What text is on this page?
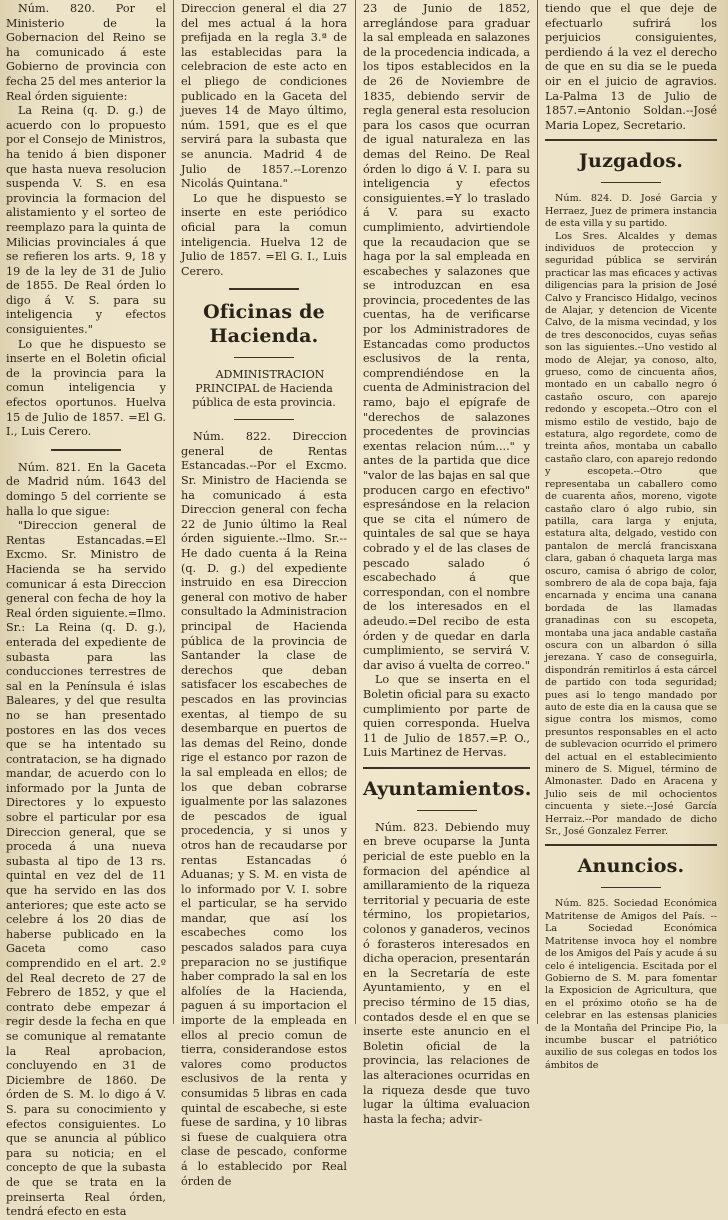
Núm. 820. Por el Ministerio de la Gobernacion del Reino se ha comunicado á este Gobierno de provincia con fecha 25 del mes anterior la Real órden siguiente:

La Reina (q. D. g.) de acuerdo con lo propuesto por el Consejo de Ministros, ha tenido á bien disponer que hasta nueva resolucion suspenda V. S. en esa provincia la formacion del alistamiento y el sorteo de reemplazo para la quinta de Milicias provinciales á que se refieren los arts. 9, 18 y 19 de la ley de 31 de Julio de 1855. De Real órden lo digo á V. S. para su inteligencia y efectos consiguientes."

Lo que he dispuesto se inserte en el Boletin oficial de la provincia para la comun inteligencia y efectos oportunos. Huelva 15 de Julio de 1857. =El G. I., Luis Cerero.

Núm. 821. En la Gaceta de Madrid núm. 1643 del domingo 5 del corriente se halla lo que sigue:

"Direccion general de Rentas Estancadas.=El Excmo. Sr. Ministro de Hacienda se ha servido comunicar á esta Direccion general con fecha de hoy la Real órden siguiente.=Ilmo. Sr.: La Reina (q. D. g.), enterada del expediente de subasta para las conducciones terrestres de sal en la Península é islas Baleares, y del que resulta no se han presentado postores en las dos veces que se ha intentado su contratacion, se ha dignado mandar, de acuerdo con lo informado por la Junta de Directores y lo expuesto sobre el particular por esa Direccion general, que se proceda á una nueva subasta al tipo de 13 rs. quintal en vez del de 11 que ha servido en las dos anteriores; que este acto se celebre á los 20 dias de haberse publicado en la Gaceta como caso comprendido en el art. 2.º del Real decreto de 27 de Febrero de 1852, y que el contrato debe empezar á regir desde la fecha en que se comunique al rematante la Real aprobacion, concluyendo en 31 de Diciembre de 1860. De órden de S. M. lo digo á V. S. para su conocimiento y efectos consiguientes. Lo que se anuncia al público para su noticia; en el concepto de que la subasta de que se trata en la preinserta Real órden, tendrá efecto en esta

Direccion general el dia 27 del mes actual á la hora prefijada en la regla 3.ª de las establecidas para la celebracion de este acto en el pliego de condiciones publicado en la Gaceta del jueves 14 de Mayo último, núm. 1591, que es el que servirá para la subasta que se anuncia. Madrid 4 de Julio de 1857.--Lorenzo Nicolás Quintana."

Lo que he dispuesto se inserte en este periódico oficial para la comun inteligencia. Huelva 12 de Julio de 1857. =El G. I., Luis Cerero.

Oficinas de Hacienda.

ADMINISTRACION PRINCIPAL de Hacienda pública de esta provincia.

Núm. 822. Direccion general de Rentas Estancadas.--Por el Excmo. Sr. Ministro de Hacienda se ha comunicado á esta Direccion general con fecha 22 de Junio último la Real órden siguiente.--Ilmo. Sr.--He dado cuenta á la Reina (q. D. g.) del expediente instruido en esa Direccion general con motivo de haber consultado la Administracion principal de Hacienda pública de la provincia de Santander la clase de derechos que deban satisfacer los escabeches de pescados en las provincias exentas, al tiempo de su desembarque en puertos de las demas del Reino, donde rige el estanco por razon de la sal empleada en ellos; de los que deban cobrarse igualmente por las salazones de pescados de igual procedencia, y si unos y otros han de recaudarse por rentas Estancadas ó Aduanas; y S. M. en vista de lo informado por V. I. sobre el particular, se ha servido mandar, que así los escabeches como los pescados salados para cuya preparacion no se justifique haber comprado la sal en los alfolíes de la Hacienda, paguen á su importacion el importe de la empleada en ellos al precio comun de tierra, considerandose estos valores como productos esclusivos de la renta y consumidas 5 libras en cada quintal de escabeche, si este fuese de sardina, y 10 libras si fuese de cualquiera otra clase de pescado, conforme á lo establecido por Real órden de

23 de Junio de 1852, arreglándose para graduar la sal empleada en salazones de la procedencia indicada, a los tipos establecidos en la de 26 de Noviembre de 1835, debiendo servir de regla general esta resolucion para los casos que ocurran de igual naturaleza en las demas del Reino. De Real órden lo digo á V. I. para su inteligencia y efectos consiguientes.=Y lo traslado á V. para su exacto cumplimiento, advirtiendole que la recaudacion que se haga por la sal empleada en escabeches y salazones que se introduzcan en esa provincia, procedentes de las cuentas, ha de verificarse por los Administradores de Estancadas como productos esclusivos de la renta, comprendiéndose en la cuenta de Administracion del ramo, bajo el epígrafe de "derechos de salazones procedentes de provincias exentas relacion núm...." y antes de la partida que dice "valor de las bajas en sal que producen cargo en efectivo" espresándose en la relacion que se cita el número de quintales de sal que se haya cobrado y el de las clases de pescado salado ó escabechado á que correspondan, con el nombre de los interesados en el adeudo.=Del recibo de esta órden y de quedar en darla cumplimiento, se servirá V. dar aviso á vuelta de correo."

Lo que se inserta en el Boletin oficial para su exacto cumplimiento por parte de quien corresponda. Huelva 11 de Julio de 1857.=P. O., Luis Martinez de Hervas.

Ayuntamientos.

Núm. 823. Debiendo muy en breve ocuparse la Junta pericial de este pueblo en la formacion del apéndice al amillaramiento de la riqueza territorial y pecuaria de este término, los propietarios, colonos y ganaderos, vecinos ó forasteros interesados en dicha operacion, presentarán en la Secretaría de este Ayuntamiento, y en el preciso término de 15 dias, contados desde el en que se inserte este anuncio en el Boletin oficial de la provincia, las relaciones de las alteraciones ocurridas en la riqueza desde que tuvo lugar la última evaluacion hasta la fecha; advir-

tiendo que el que deje de efectuarlo sufrirá los perjuicios consiguientes, perdiendo á la vez el derecho de que en su dia se le pueda oir en el juicio de agravios. La-Palma 13 de Julio de 1857.=Antonio Soldan.--José Maria Lopez, Secretario.

Juzgados.

Núm. 824. D. José Garcia y Herraez, Juez de primera instancia de esta villa y su partido.

Los Sres. Alcaldes y demas individuos de proteccion y seguridad pública se servirán practicar las mas eficaces y activas diligencias para la prision de José Calvo y Francisco Hidalgo, vecinos de Alajar, y detencion de Vicente Calvo, de la misma vecindad, y los de tres desconocidos, cuyas señas son las siguientes.--Uno vestido al modo de Alejar, ya conoso, alto, grueso, como de cincuenta años, montado en un caballo negro ó castaño oscuro, con aparejo redondo y escopeta.--Otro con el mismo estilo de vestido, bajo de estatura, algo regordete, como de treinta años, montaba un caballo castaño claro, con aparejo redondo y escopeta.--Otro que representaba un caballero como de cuarenta años, moreno, vigote castaño claro ó algo rubio, sin patilla, cara larga y enjuta, estatura alta, delgado, vestido con pantalon de merclá francisxana clara, gaban ó chaqueta larga mas oscuro, camisa ó abrigo de color, sombrero de ala de copa baja, faja encarnada y encima una canana bordada de las llamadas granadinas con su escopeta, montaba una jaca andable castaña oscura con un albardon ó silla jerezana. Y caso de conseguirla, dispondrán remitirlos á esta cárcel de partido con toda seguridad; pues asi lo tengo mandado por auto de este dia en la causa que se sigue contra los mismos, como presuntos responsables en el acto de sublevacion ocurrido el primero del actual en el establecimiento minero de S. Miguel, término de Almonaster. Dado en Aracena y Julio seis de mil ochocientos cincuenta y siete.--José García Herraiz.--Por mandado de dicho Sr., José Gonzalez Ferrer.

Anuncios.

Núm. 825. Sociedad Económica Matritense de Amigos del País. --La Sociedad Económica Matritense invoca hoy el nombre de los Amigos del País y acude á su celo é inteligencia. Escitada por el Gobierno de S. M. para fomentar la Exposicion de Agricultura, que en el próximo otoño se ha de celebrar en las estensas planicies de la Montaña del Principe Pio, la incumbe buscar el patriótico auxilio de sus colegas en todos los ámbitos de
